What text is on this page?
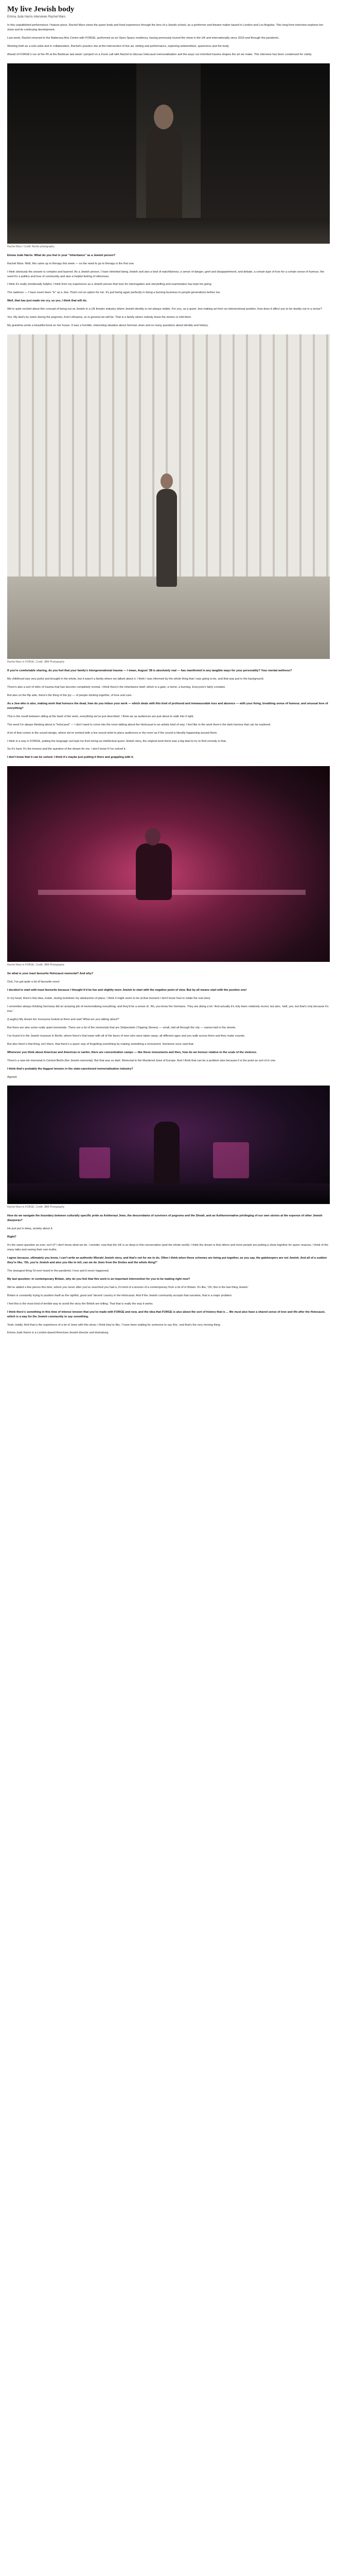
My live Jewish body
Emma Jude Harris interviews Rachel Mars

In this unpublished performance / feature piece, Rachel Mars views the queer body and lived experience through the lens of a Jewish school, as a performer and theatre maker based in London and Los Angeles. This long-form interview explores her show and its continuing development.

Last week, Rachel returned to the Battersea Arts Centre with FORGE, performed as an Open Space residency, having previously toured the show in the UK and internationally since 2019 and through the pandemic.

Working both as a solo artist and in collaboration, Rachel's practice sits at the intersection of live art, writing and performance, exploring antisemitism, queerness and the body.

Ahead of FORGE's run at the Pit at the Barbican last week I jumped on a Zoom call with Rachel to discuss holocaust memorialisation and the ways our inherited trauma shapes the art we make. This interview has been condensed for clarity.

Rachel Mars / Credit: Bertilo photography

Emma Jude Harris: What do you feel is your "inheritance" as a Jewish person?

Rachel Mars: Well, this came up in therapy this week — so the need to go to therapy is the first one.

I think obviously the answer is complex and layered. As a Jewish person, I have inherited being Jewish and also a kind of watchfulness, a sense of danger, grief and disappointment, and debate, a certain type of love for a certain sense of humour, the need for a politics and love of community and also a helpful feeling of otherness.

I think it's really emotionally helpful. I think from my experience as a Jewish person that love for interrogation and storytelling and examination has kept me going.

The sadness — I have never been "in" as a Jew. That's not an option for me. It's just being again perfectly in doing a burning business to people generations before me.

Well, that has just made me cry, so yes, I think that will do.

We're quite excited about this concept of being out as Jewish in a UK theatre industry where Jewish identity is not always visible. For you, as a queer Jew making art from an intersectional position, how does it affect you to be doubly out in a sense?

Yes. My dad's by name during the pogroms, from Lithuania, so in general we will be. That is a family where nobody knew the stories or told them.

My grandma wrote a beautiful book on her house. It was a horrible, interesting situation about German Jews and so many questions about identity and history.

Rachel Mars in FORGE. Credit: JBM Photography

If you're comfortable sharing, do you feel that your family's intergenerational trauma — I mean, August '38 is absolutely real — has manifested in any tangible ways for your personality? Your mental wellness?

My childhood was very joyful and brought in the whole, but it wasn't a family where we talked about it. I think I was informed by the whole thing that I was going to be, and that was just in the background.

There's also a sort of ethic of trauma that has become completely normal. I think there's the inheritance itself, which is a gate, a home, a burning. Everyone's fairly constant.

But also on the flip side, there's the thing of the joy — of people sticking together, of love and care.

As a Jew who is also, making work that honours the dead, how do you imbue your work — which deals with this kind of profound and immeasurable loss and absence — with your living, breathing sense of humour, and unusual love of everything?

This is the result between sitting at the bank of the work, everything we've just described. I think we as audiences are just about to walk into it right.

The word I'm always thinking about is "holocaust" — I don't want to come into the room talking about the Holocaust in an artistic kind of way. I feel like in the work there's the dark humour that can be explored.

A lot of that comes in the sound design, where we've worked with a live sound artist to place audiences in the room as if the sound is literally happening around them.

I think in a way in FORGE, putting the language out kept me from being an intellectual queer Jewish story, the original work there was a big deal to try to find comedy in that.

So it's hard. It's the tension and the question of the dream for me. I don't know if I've solved it.

I don't know that it can be solved. I think it's maybe just putting it there and grappling with it.

Rachel Mars in FORGE. Credit: JBM Photography

So what is your least favourite Holocaust memorial? And why?

Ooh, I've got quite a lot of favourite ones!

I decided to start with least favourite because I thought it'd be fun and slightly more Jewish to start with the negative point of view. But by all means start with the positive one!

In my head, there's this idea, inside, during lockdown my abstraction of place, I think it might seem to be at that moment I don't know how to relate the real story.

I remember always thinking Germany did an amazing job of memorialising everything, and they'd be a sense of, 'Ah, you know the Germans. They are doing a lot.' And actually it's only been relatively recent, but also, 'well, yes, but that's only because it's true.'

(Laughs) My dream list. Everyone looked at them and said 'What are you talking about?'

But there are also some really quiet memorials. There are a lot of the memorials that are Stolperstein (Tripping Stones) — small, laid all through the city — names laid in the streets.

I've found it in the Jewish museum in Berlin, where there's that tower with all of the faces of men who were taken away; all different ages and you walk across them and they make sounds.

But also there's that thing, isn't there, that there's a queer way of forgetting something by making something a monument. Someone once said that.

Whenever you think about American and American or earlier, there are concentration camps — like these monuments and then, how do we honour relative to the scale of the violence.

There's a new-ish memorial in Central Berlin (the Jewish memorial). But that was so dark. Memorial to the Murdered Jews of Europe. And I think that can be a problem also because it is the point as sort of in one.

I think that's probably the biggest tension in the state-sanctioned memorialisation industry?

Agreed.

Rachel Mars in FORGE. Credit: JBM Photography

How do we navigate the boundary between culturally specific pride as Ashkenazi Jews, the descendants of survivors of pogroms and the Shoah, and an Ashkenormative privileging of our own stories at the expense of other Jewish diasporas?

He just put in deep, anxiety about it.

Right?

It's the same question as ever, isn't it? I don't know what we do. I wonder, now that the UK is so deep in this conversation (and the whole world). I think the dream is that others and more people are putting a show together for queer reasons, I think of the many talks and seeing their own truths.

I agree because, ultimately you know, I can't write an authentic Mizrahi Jewish story, and that's not for me to do. Often I think when these schemes are being put together, as you say, the gatekeepers are not Jewish. And all of a sudden they're like, 'Oh, you're Jewish and also you like to tell, can we do Jews from the Sixties and the whole thing?'

The strangest thing I'd ever heard in the pandemic I love and it never happened.

My last question: in contemporary Britain, why do you feel that this work is an important intervention for you to be making right now?

We've added a few pieces this time, where you never after you've searched you had a, it's kind of a tension of a contemporary from a lot of in Britain. It's like, 'Oh, this is the last thing Jewish.'

Britain is constantly trying to position itself as the rightful, good and 'decent' country in the Holocaust. And if the Jewish community accepts that narrative, that is a major problem.

I feel this is the most kind of terrible way to avoid the story the British are telling. That that is really the way it works.

I think there's something in this time of intense tension that you've made with FORGE and now, and the idea that FORGE is also about the sort of history that is ... We must also have a shared sense of love and life after the Holocaust, which is a way for the Jewish community to say something.

Yeah, totally. And that is the experience of a lot of Jews with this show; I think they're like, 'I have been waiting for someone to say this,' and that's the very moving thing.

Emma Jude Harris is a London-based American-Jewish director and dramaturg.
